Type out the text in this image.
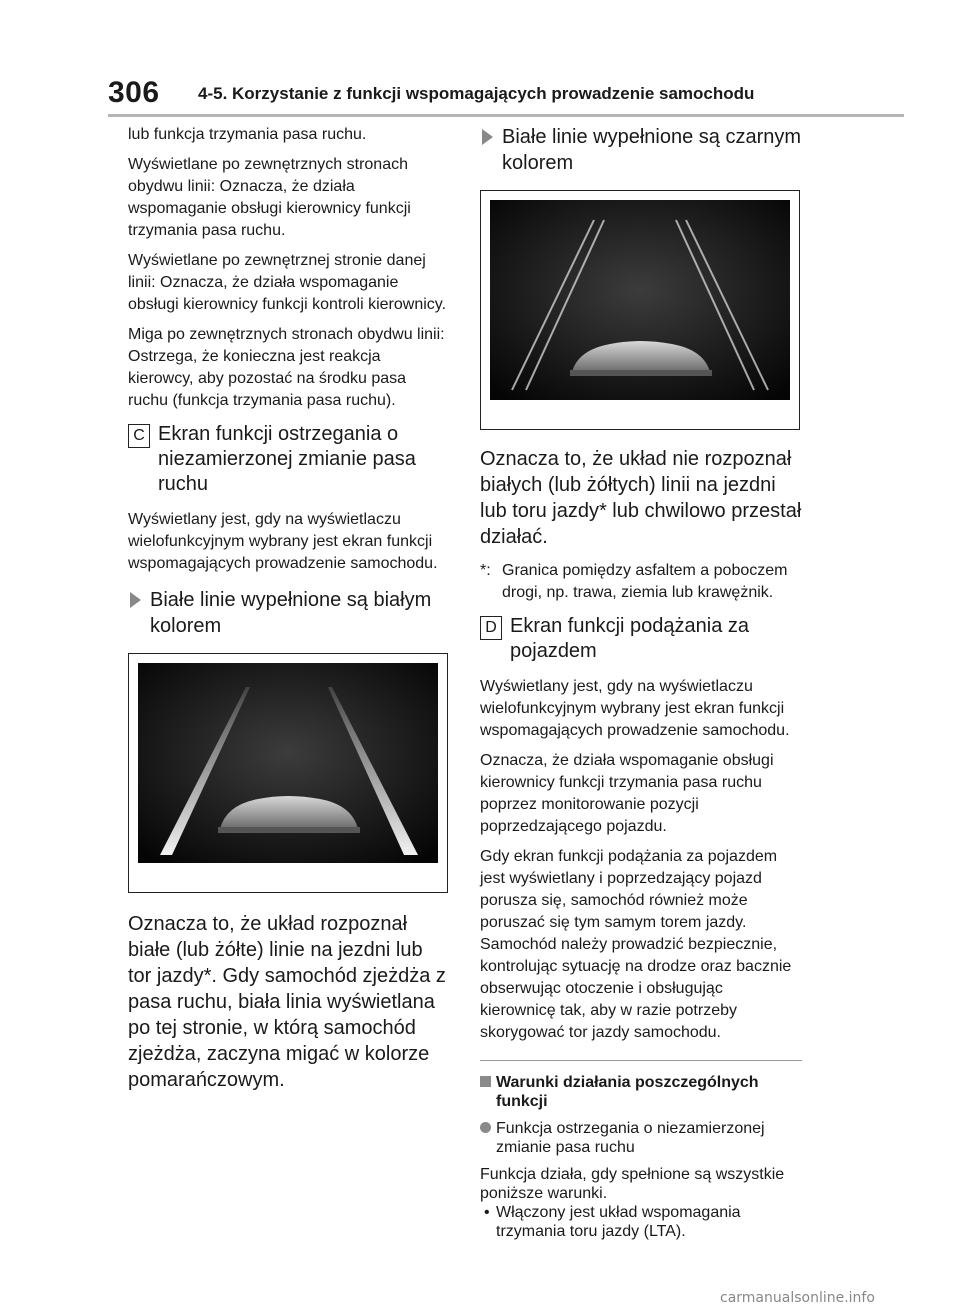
306 4-5. Korzystanie z funkcji wspomagających prowadzenie samochodu

lub funkcja trzymania pasa ruchu.

Wyświetlane po zewnętrznych stronach obydwu linii: Oznacza, że działa wspomaganie obsługi kierownicy funkcji trzymania pasa ruchu.

Wyświetlane po zewnętrznej stronie danej linii: Oznacza, że działa wspomaganie obsługi kierownicy funkcji kontroli kierownicy.

Miga po zewnętrznych stronach obydwu linii: Ostrzega, że konieczna jest reakcja kierowcy, aby pozostać na środku pasa ruchu (funkcja trzymania pasa ruchu).

C Ekran funkcji ostrzegania o niezamierzonej zmianie pasa ruchu

Wyświetlany jest, gdy na wyświetlaczu wielofunkcyjnym wybrany jest ekran funkcji wspomagających prowadzenie samochodu.

Białe linie wypełnione są białym kolorem

Oznacza to, że układ rozpoznał białe (lub żółte) linie na jezdni lub tor jazdy*. Gdy samochód zjeżdża z pasa ruchu, biała linia wyświetlana po tej stronie, w którą samochód zjeżdża, zaczyna migać w kolorze pomarańczowym.

Białe linie wypełnione są czarnym kolorem

Oznacza to, że układ nie rozpoznał białych (lub żółtych) linii na jezdni lub toru jazdy* lub chwilowo przestał działać.

*: Granica pomiędzy asfaltem a poboczem drogi, np. trawa, ziemia lub krawężnik.
D Ekran funkcji podążania za pojazdem

Wyświetlany jest, gdy na wyświetlaczu wielofunkcyjnym wybrany jest ekran funkcji wspomagających prowadzenie samochodu.

Oznacza, że działa wspomaganie obsługi kierownicy funkcji trzymania pasa ruchu poprzez monitorowanie pozycji poprzedzającego pojazdu.

Gdy ekran funkcji podążania za pojazdem jest wyświetlany i poprzedzający pojazd porusza się, samochód również może poruszać się tym samym torem jazdy. Samochód należy prowadzić bezpiecznie, kontrolując sytuację na drodze oraz bacznie obserwując otoczenie i obsługując kierownicę tak, aby w razie potrzeby skorygować tor jazdy samochodu.

Warunki działania poszczególnych funkcji
Funkcja ostrzegania o niezamierzonej zmianie pasa ruchu

Funkcja działa, gdy spełnione są wszystkie poniższe warunki.

• Włączony jest układ wspomagania trzymania toru jazdy (LTA).
carmanualsonline.info
